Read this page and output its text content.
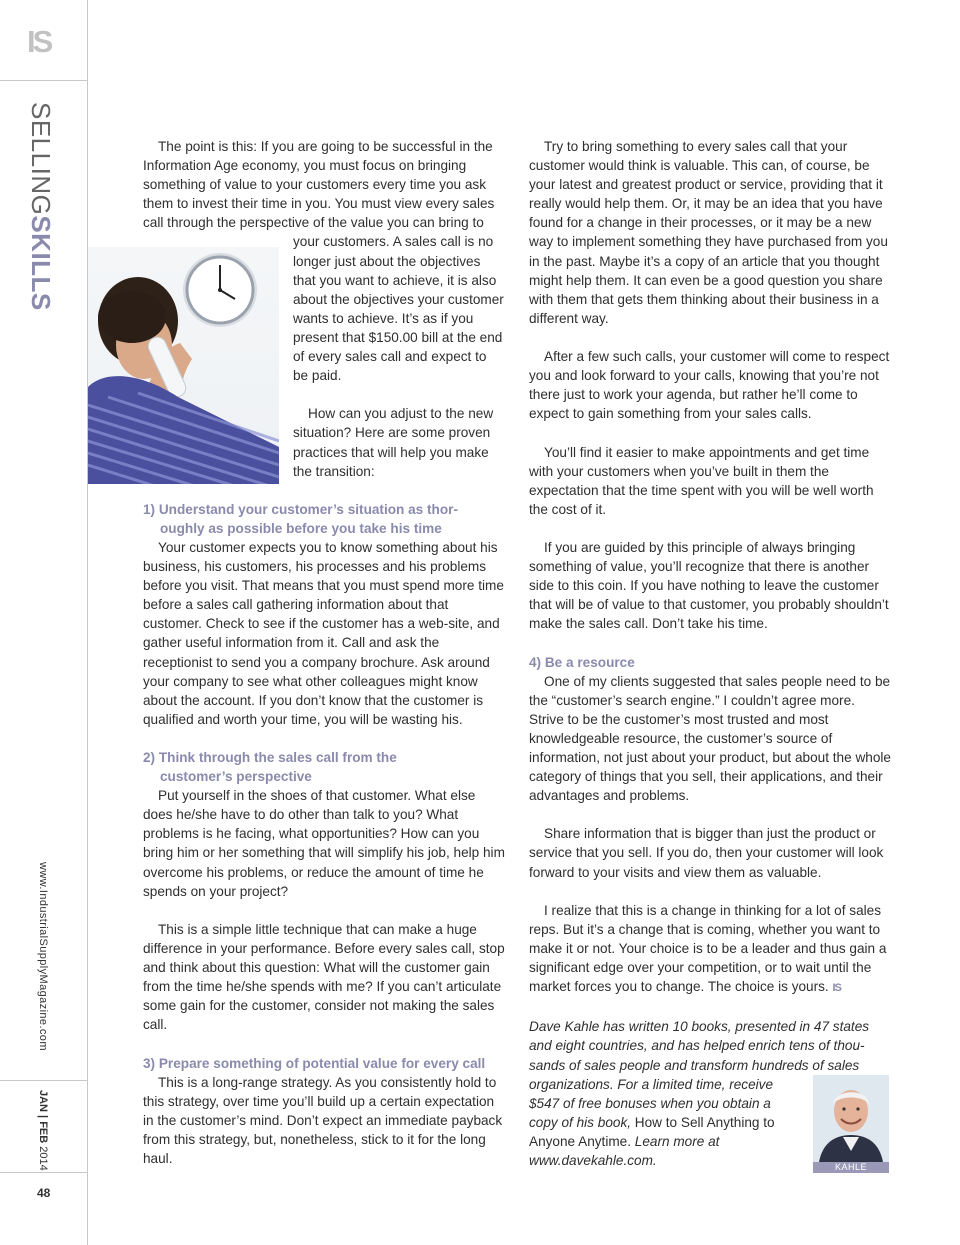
IS
SELLINGSKILLS
www.IndustrialSupplyMagazine.com
JAN | FEB 2014
48

The point is this: If you are going to be successful in the Information Age economy, you must focus on bringing something of value to your customers every time you ask them to invest their time in you. You must view every sales call through the perspective of the value you can bring to

your customers. A sales call is no longer just about the objectives that you want to achieve, it is also about the objectives your customer wants to achieve. It’s as if you present that $150.00 bill at the end of every sales call and expect to be paid.

How can you adjust to the new situation? Here are some proven practices that will help you make the transition:

1) Understand your customer’s situation as thor-
oughly as possible before you take his time

Your customer expects you to know something about his business, his customers, his processes and his problems before you visit. That means that you must spend more time before a sales call gathering information about that customer. Check to see if the customer has a web-site, and gather useful information from it. Call and ask the receptionist to send you a company brochure. Ask around your company to see what other colleagues might know about the account. If you don’t know that the customer is qualified and worth your time, you will be wasting his.

2) Think through the sales call from the
customer’s perspective

Put yourself in the shoes of that customer. What else does he/she have to do other than talk to you? What problems is he facing, what opportunities? How can you bring him or her something that will simplify his job, help him overcome his problems, or reduce the amount of time he spends on your project?

This is a simple little technique that can make a huge difference in your performance. Before every sales call, stop and think about this question: What will the customer gain from the time he/she spends with me? If you can’t articulate some gain for the customer, consider not making the sales call.

3) Prepare something of potential value for every call

This is a long-range strategy. As you consistently hold to this strategy, over time you’ll build up a certain expectation in the customer’s mind. Don’t expect an immediate payback from this strategy, but, nonetheless, stick to it for the long haul.

Try to bring something to every sales call that your customer would think is valuable. This can, of course, be your latest and greatest product or service, providing that it really would help them. Or, it may be an idea that you have found for a change in their processes, or it may be a new way to implement something they have purchased from you in the past. Maybe it’s a copy of an article that you thought might help them. It can even be a good question you share with them that gets them thinking about their business in a different way.

After a few such calls, your customer will come to respect you and look forward to your calls, knowing that you’re not there just to work your agenda, but rather he’ll come to expect to gain something from your sales calls.

You’ll find it easier to make appointments and get time with your customers when you’ve built in them the expectation that the time spent with you will be well worth the cost of it.

If you are guided by this principle of always bringing something of value, you’ll recognize that there is another side to this coin. If you have nothing to leave the customer that will be of value to that customer, you probably shouldn’t make the sales call. Don’t take his time.

4) Be a resource

One of my clients suggested that sales people need to be the “customer’s search engine.” I couldn’t agree more. Strive to be the customer’s most trusted and most knowledgeable resource, the customer’s source of information, not just about your product, but about the whole category of things that you sell, their applications, and their advantages and problems.

Share information that is bigger than just the product or service that you sell. If you do, then your customer will look forward to your visits and view them as valuable.

I realize that this is a change in thinking for a lot of sales reps. But it’s a change that is coming, whether you want to make it or not. Your choice is to be a leader and thus gain a significant edge over your competition, or to wait until the market forces you to change. The choice is yours. IS

Dave Kahle has written 10 books, presented in 47 states and eight countries, and has helped enrich tens of thou-sands of sales people and transform hundreds of sales

organizations. For a limited time, receive $547 of free bonuses when you obtain a copy of his book, How to Sell Anything to Anyone Anytime. Learn more at www.davekahle.com.	KAHLE
